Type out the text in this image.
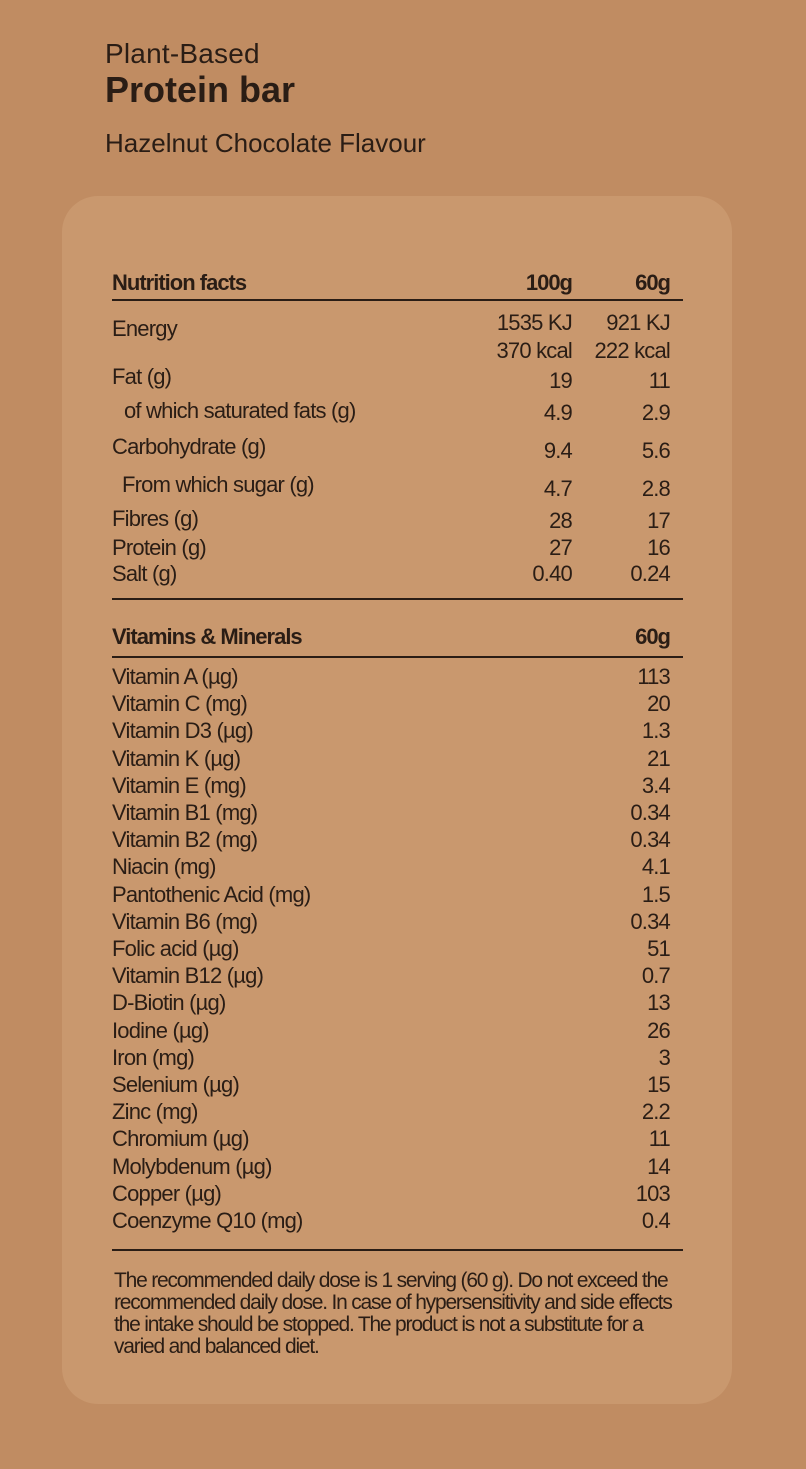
Plant-Based
Protein bar
Hazelnut Chocolate Flavour
Nutrition facts	100g	60g
Energy	1535 KJ 921 KJ
370 kcal 222 kcal
Fat (g)	19	11
of which saturated fats (g)	4.9	2.9
Carbohydrate (g)	9.4	5.6
From which sugar (g)	4.7	2.8
Fibres (g)	28	17
Protein (g)	27	16
Salt (g)	0.40	0.24
Vitamins & Minerals	60g
Vitamin A (µg)	113
Vitamin C (mg)	20
Vitamin D3 (µg)	1.3
Vitamin K (µg)	21
Vitamin E (mg)	3.4
Vitamin B1 (mg)	0.34
Vitamin B2 (mg)	0.34
Niacin (mg)	4.1
Pantothenic Acid (mg)	1.5
Vitamin B6 (mg)	0.34
Folic acid (µg)	51
Vitamin B12 (µg)	0.7
D-Biotin (µg)	13
Iodine (µg)	26
Iron (mg)	3
Selenium (µg)	15
Zinc (mg)	2.2
Chromium (µg)	11
Molybdenum (µg)	14
Copper (µg)	103
Coenzyme Q10 (mg)	0.4
The recommended daily dose is 1 serving (60 g). Do not exceed the recommended daily dose. In case of hypersensitivity and side effects the intake should be stopped. The product is not a substitute for a varied and balanced diet.
